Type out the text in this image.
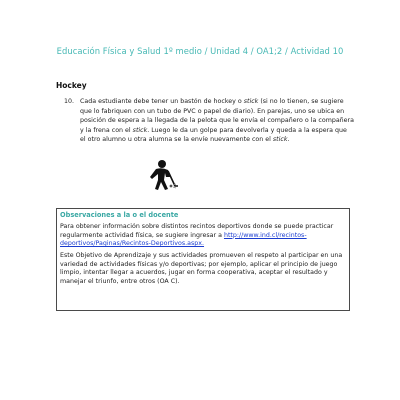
Educación Física y Salud 1º medio / Unidad 4 / OA1;2 / Actividad 10
Hockey
10. Cada estudiante debe tener un bastón de hockey o stick (si no lo tienen, se sugiere que lo fabriquen con un tubo de PVC o papel de diario). En parejas, uno se ubica en posición de espera a la llegada de la pelota que le envía el compañero o la compañera y la frena con el stick. Luego le da un golpe para devolverla y queda a la espera que el otro alumno u otra alumna se la envíe nuevamente con el stick.
Observaciones a la o el docente
Para obtener información sobre distintos recintos deportivos donde se puede practicar regularmente actividad física, se sugiere ingresar a http://www.ind.cl/recintos-deportivos/Paginas/Recintos-Deportivos.aspx.
Este Objetivo de Aprendizaje y sus actividades promueven el respeto al participar en una variedad de actividades físicas y/o deportivas; por ejemplo, aplicar el principio de juego limpio, intentar llegar a acuerdos, jugar en forma cooperativa, aceptar el resultado y manejar el triunfo, entre otros (OA C).
